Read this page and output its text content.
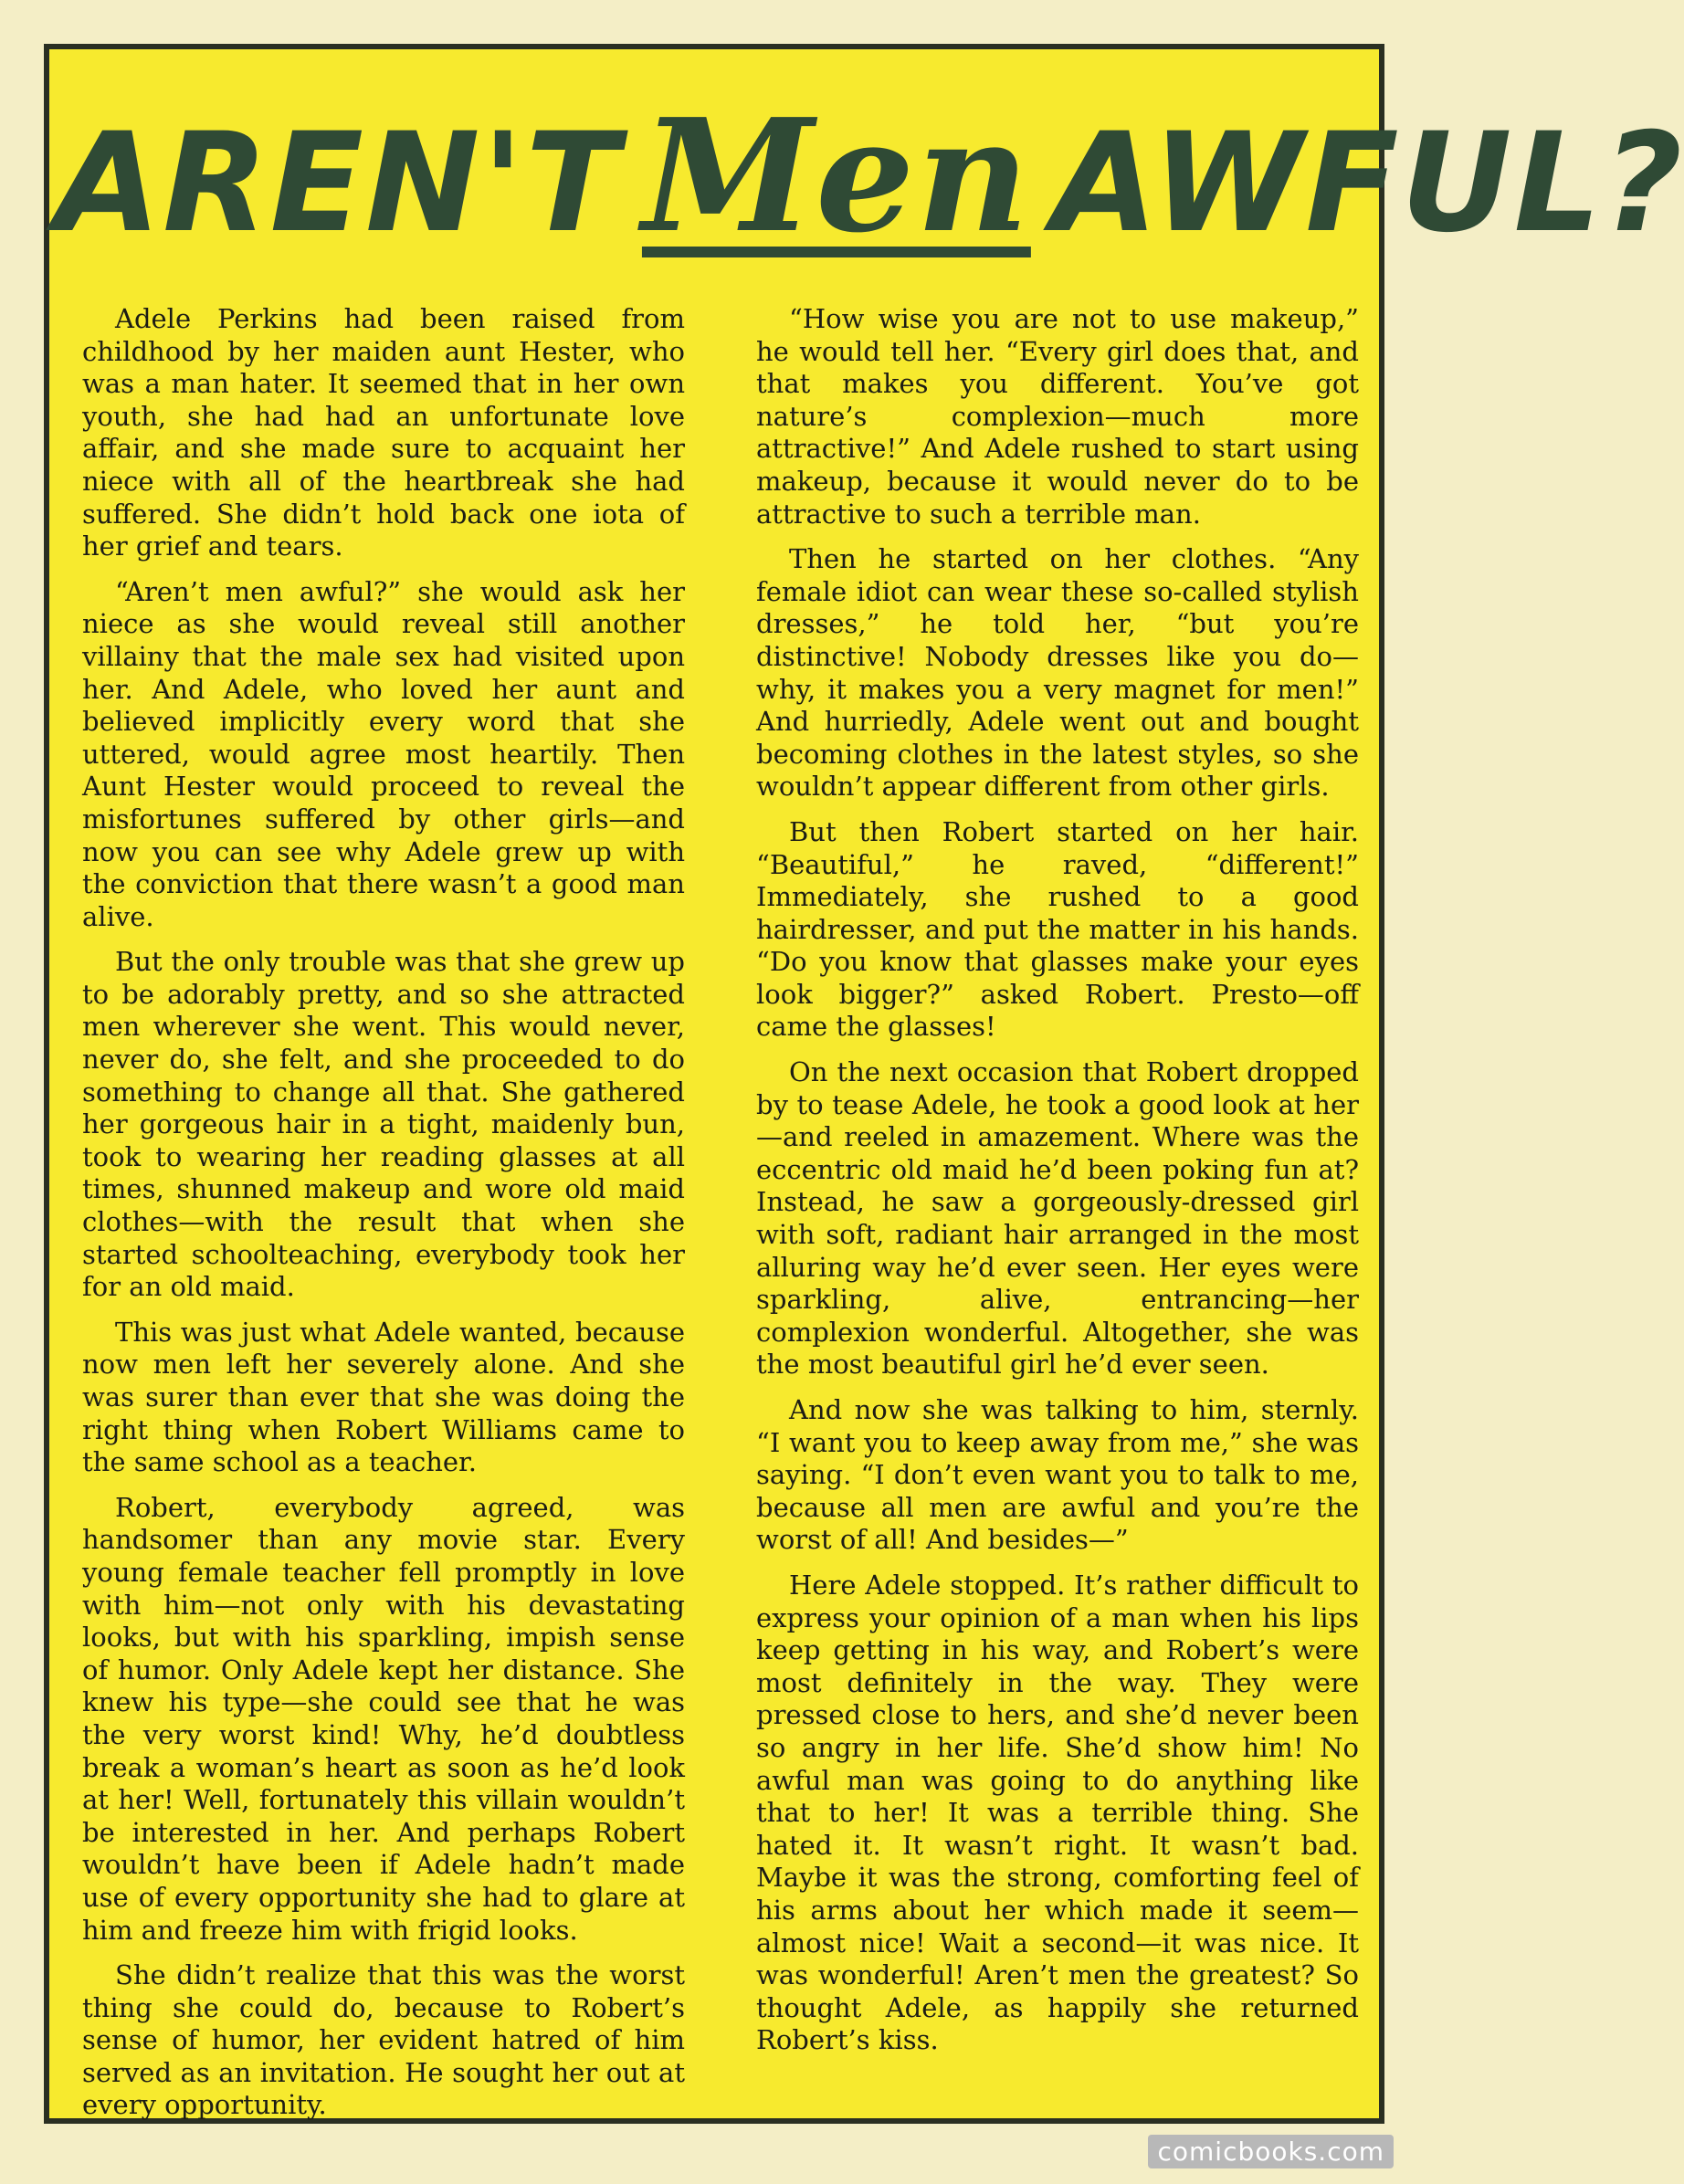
AREN'T Men AWFUL?

Adele Perkins had been raised from childhood by her maiden aunt Hester, who was a man hater. It seemed that in her own youth, she had had an unfortunate love affair, and she made sure to acquaint her niece with all of the heartbreak she had suffered. She didn’t hold back one iota of her grief and tears.

“Aren’t men awful?” she would ask her niece as she would reveal still another villainy that the male sex had visited upon her. And Adele, who loved her aunt and believed implicitly every word that she uttered, would agree most heartily. Then Aunt Hester would proceed to reveal the misfortunes suffered by other girls—and now you can see why Adele grew up with the conviction that there wasn’t a good man alive.

But the only trouble was that she grew up to be adorably pretty, and so she attracted men wherever she went. This would never, never do, she felt, and she proceeded to do something to change all that. She gathered her gorgeous hair in a tight, maidenly bun, took to wearing her reading glasses at all times, shunned makeup and wore old maid clothes—with the result that when she started schoolteaching, everybody took her for an old maid.

This was just what Adele wanted, because now men left her severely alone. And she was surer than ever that she was doing the right thing when Robert Williams came to the same school as a teacher.

Robert, everybody agreed, was handsomer than any movie star. Every young female teacher fell promptly in love with him—not only with his devastating looks, but with his sparkling, impish sense of humor. Only Adele kept her distance. She knew his type—she could see that he was the very worst kind! Why, he’d doubtless break a woman’s heart as soon as he’d look at her! Well, fortunately this villain wouldn’t be interested in her. And perhaps Robert wouldn’t have been if Adele hadn’t made use of every opportunity she had to glare at him and freeze him with frigid looks.

She didn’t realize that this was the worst thing she could do, because to Robert’s sense of humor, her evident hatred of him served as an invitation. He sought her out at every opportunity.

“How wise you are not to use makeup,” he would tell her. “Every girl does that, and that makes you different. You’ve got nature’s complexion—much more attractive!” And Adele rushed to start using makeup, because it would never do to be attractive to such a terrible man.

Then he started on her clothes. “Any female idiot can wear these so-called stylish dresses,” he told her, “but you’re distinctive! Nobody dresses like you do—why, it makes you a very magnet for men!” And hurriedly, Adele went out and bought becoming clothes in the latest styles, so she wouldn’t appear different from other girls.

But then Robert started on her hair. “Beautiful,” he raved, “different!” Immediately, she rushed to a good hairdresser, and put the matter in his hands. “Do you know that glasses make your eyes look bigger?” asked Robert. Presto—off came the glasses!

On the next occasion that Robert dropped by to tease Adele, he took a good look at her—and reeled in amazement. Where was the eccentric old maid he’d been poking fun at? Instead, he saw a gorgeously-dressed girl with soft, radiant hair arranged in the most alluring way he’d ever seen. Her eyes were sparkling, alive, entrancing—her complexion wonderful. Altogether, she was the most beautiful girl he’d ever seen.

And now she was talking to him, sternly. “I want you to keep away from me,” she was saying. “I don’t even want you to talk to me, because all men are awful and you’re the worst of all! And besides—”

Here Adele stopped. It’s rather difficult to express your opinion of a man when his lips keep getting in his way, and Robert’s were most definitely in the way. They were pressed close to hers, and she’d never been so angry in her life. She’d show him! No awful man was going to do anything like that to her! It was a terrible thing. She hated it. It wasn’t right. It wasn’t bad. Maybe it was the strong, comforting feel of his arms about her which made it seem—almost nice! Wait a second—it was nice. It was wonderful! Aren’t men the greatest? So thought Adele, as happily she returned Robert’s kiss.

comicbooks.com
